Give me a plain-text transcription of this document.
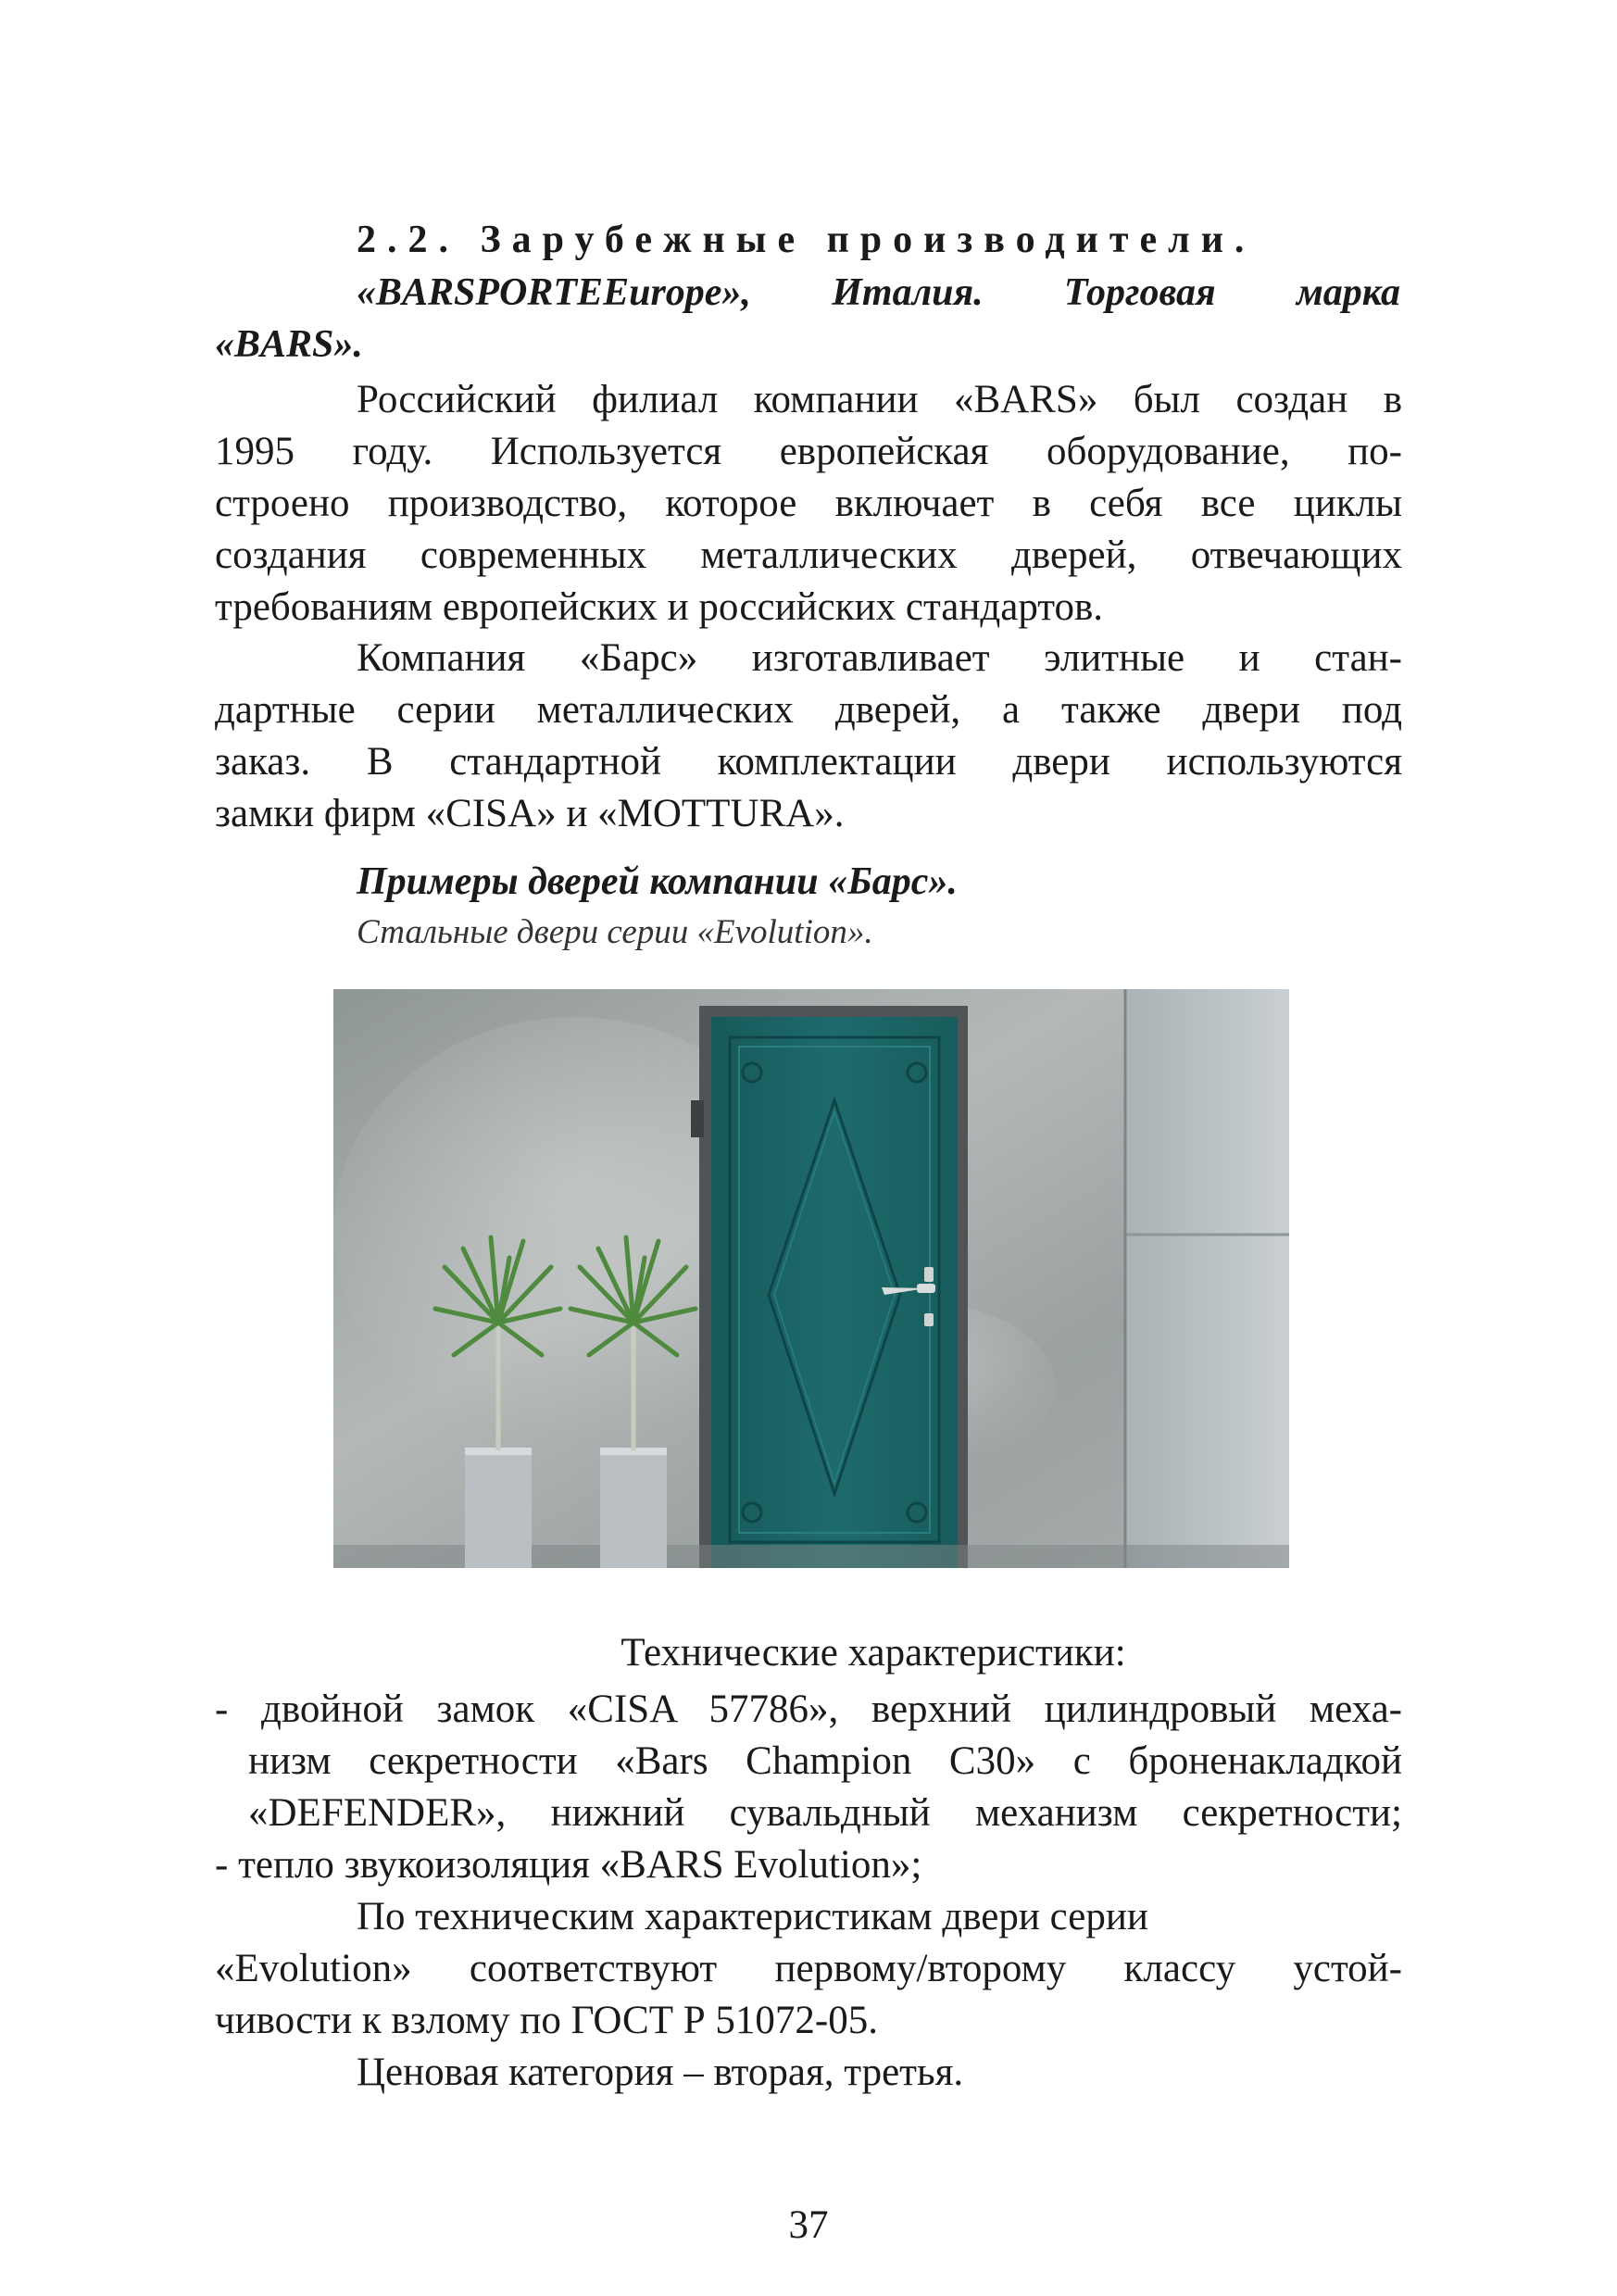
2.2. Зарубежные производители.
«BARSPORTEEurope», Италия. Торговая марка
«BARS».
Российский филиал компании «BARS» был создан в
1995 году. Используется европейская оборудование, по-
строено производство, которое включает в себя все циклы
создания современных металлических дверей, отвечающих
требованиям европейских и российских стандартов.
Компания «Барс» изготавливает элитные и стан-
дартные серии металлических дверей, а также двери под
заказ. В стандартной комплектации двери используются
замки фирм «CISA» и «MOTTURA».
Примеры дверей компании «Барс».
Стальные двери серии «Evolution».
Технические характеристики:
- двойной замок «CISA 57786», верхний цилиндровый меха-
низм секретности «Bars Champion C30» с броненакладкой
«DEFENDER», нижний сувальдный механизм секретности;
- тепло звукоизоляция «BARS Evolution»;
По техническим характеристикам двери серии
«Evolution» соответствуют первому/второму классу устой-
чивости к взлому по ГОСТ Р 51072-05.
Ценовая категория – вторая, третья.
37
